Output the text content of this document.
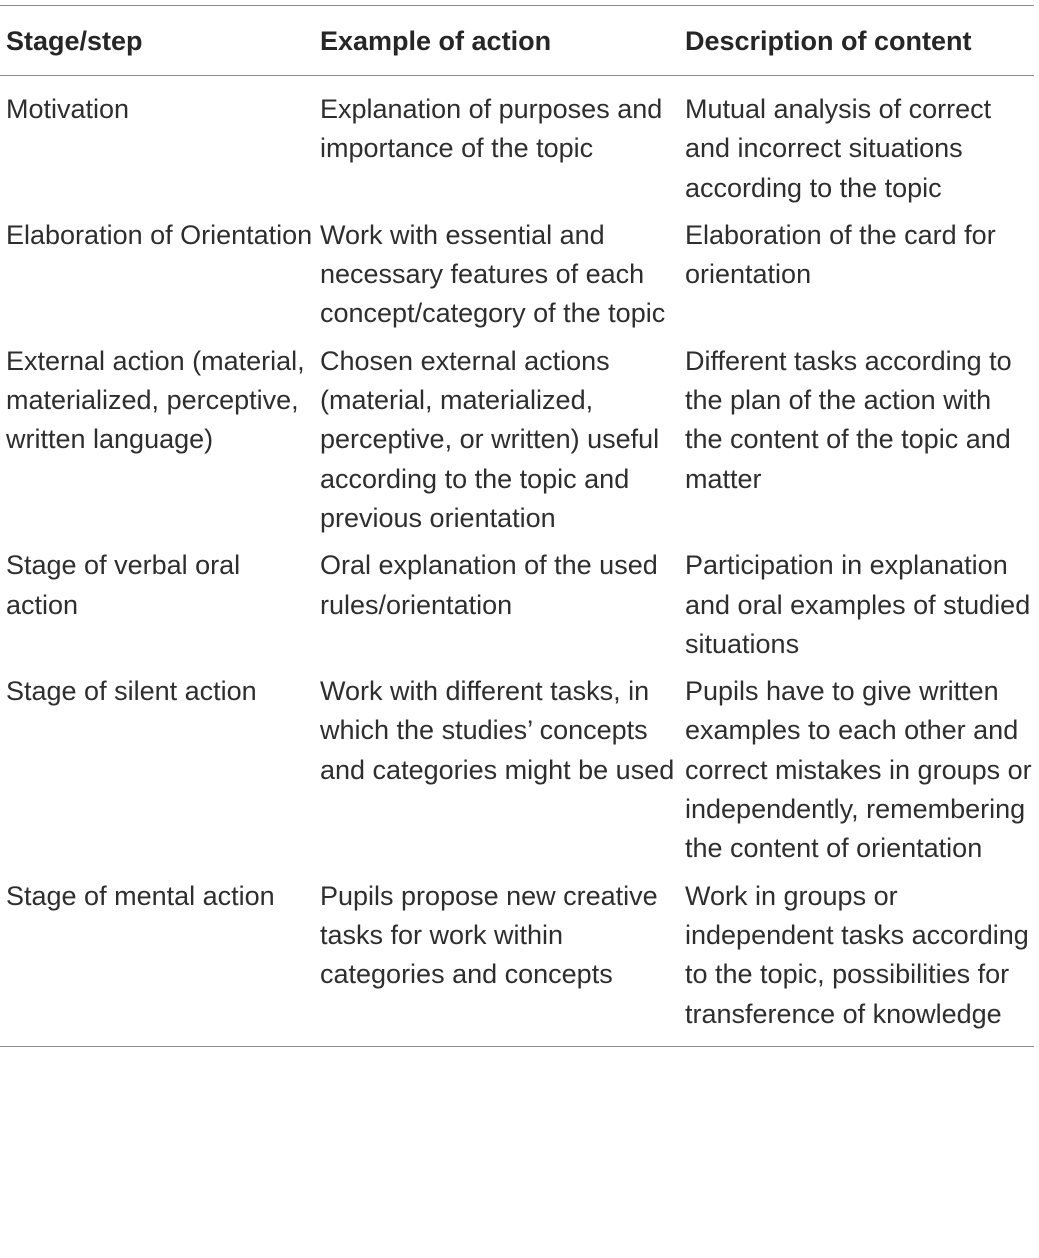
Stage/step	Example of action	Description of content
Motivation	Explanation of purposes and importance of the topic	Mutual analysis of correct and incorrect situations according to the topic
Elaboration of Orientation	Work with essential and necessary features of each concept/category of the topic	Elaboration of the card for orientation
External action (material, materialized, perceptive, written language)	Chosen external actions (material, materialized, perceptive, or written) useful according to the topic and previous orientation	Different tasks according to the plan of the action with the content of the topic and matter
Stage of verbal oral action	Oral explanation of the used rules/orientation	Participation in explanation and oral examples of studied situations
Stage of silent action	Work with different tasks, in which the studies’ concepts and categories might be used	Pupils have to give written examples to each other and correct mistakes in groups or independently, remembering the content of orientation
Stage of mental action	Pupils propose new creative tasks for work within categories and concepts	Work in groups or independent tasks according to the topic, possibilities for transference of knowledge
